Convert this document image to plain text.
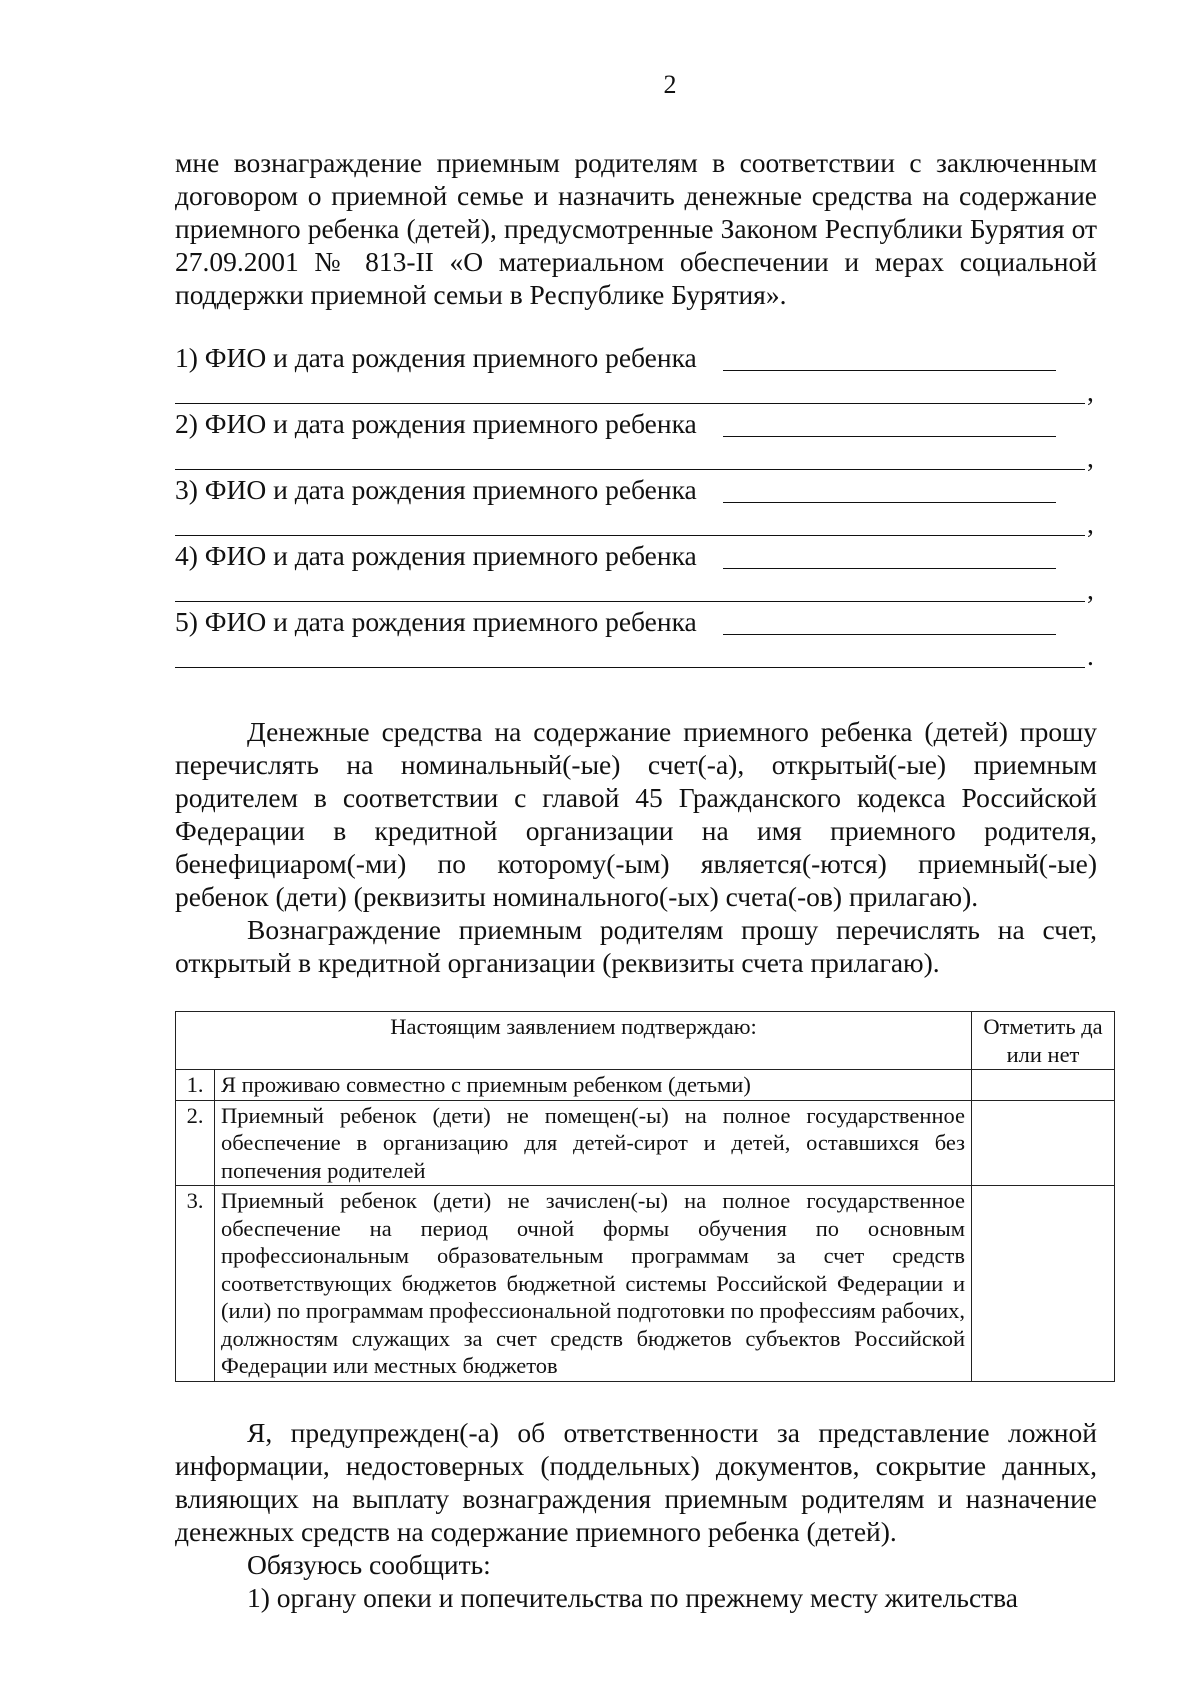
2

мне вознаграждение приемным родителям в соответствии с заключенным договором о приемной семье и назначить денежные средства на содержание приемного ребенка (детей), предусмотренные Законом Республики Бурятия от 27.09.2001 № 813-II «О материальном обеспечении и мерах социальной поддержки приемной семьи в Республике Бурятия».

1) ФИО и дата рождения приемного ребенка
,
2) ФИО и дата рождения приемного ребенка
,
3) ФИО и дата рождения приемного ребенка
,
4) ФИО и дата рождения приемного ребенка
,
5) ФИО и дата рождения приемного ребенка
.

Денежные средства на содержание приемного ребенка (детей) прошу перечислять на номинальный(-ые) счет(-а), открытый(-ые) приемным родителем в соответствии с главой 45 Гражданского кодекса Российской Федерации в кредитной организации на имя приемного родителя, бенефициаром(-ми) по которому(-ым) является(-ются) приемный(-ые) ребенок (дети) (реквизиты номинального(-ых) счета(-ов) прилагаю).

Вознаграждение приемным родителям прошу перечислять на счет, открытый в кредитной организации (реквизиты счета прилагаю).

Настоящим заявлением подтверждаю:		Отметить да или нет
1.	Я проживаю совместно с приемным ребенком (детьми)	
2.	Приемный ребенок (дети) не помещен(-ы) на полное государственное обеспечение в организацию для детей-сирот и детей, оставшихся без попечения родителей	
3.	Приемный ребенок (дети) не зачислен(-ы) на полное государственное обеспечение на период очной формы обучения по основным профессиональным образовательным программам за счет средств соответствующих бюджетов бюджетной системы Российской Федерации и (или) по программам профессиональной подготовки по профессиям рабочих, должностям служащих за счет средств бюджетов субъектов Российской Федерации или местных бюджетов	

Я, предупрежден(-а) об ответственности за представление ложной информации, недостоверных (поддельных) документов, сокрытие данных, влияющих на выплату вознаграждения приемным родителям и назначение денежных средств на содержание приемного ребенка (детей).

Обязуюсь сообщить:

1) органу опеки и попечительства по прежнему месту жительства
